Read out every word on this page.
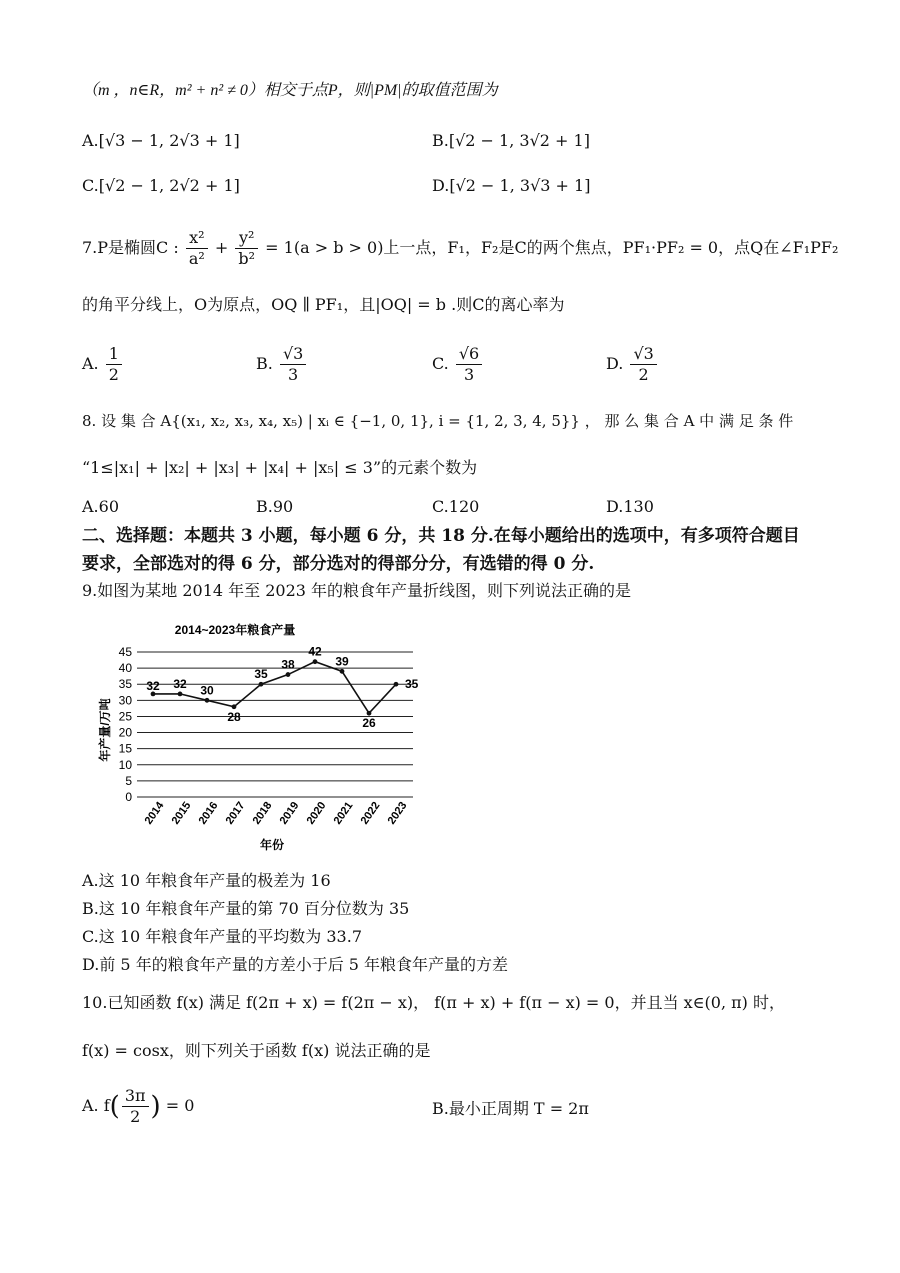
（m ，n∈R，m² + n² ≠ 0）相交于点P，则|PM|的取值范围为
A.[√3 − 1, 2√3 + 1]	B.[√2 − 1, 3√2 + 1]
C.[√2 − 1, 2√2 + 1]	D.[√2 − 1, 3√3 + 1]
7.P是椭圆C : $\frac{\text{x²}}{\text{a²}} + \frac{\text{y²}}{\text{b²}} = 1(a > b > 0)$上一点，F₁，F₂是C的两个焦点，PF₁·PF₂ = 0，点Q在∠F₁PF₂
的角平分线上，O为原点，OQ ∥ PF₁，且|OQ| = b .则C的离心率为
A. $\frac{1}{2}$	B. $\frac{√3}{3}$	C. $\frac{√6}{3}$	D. $\frac{√3}{2}$
8. 设 集 合 A{(x₁, x₂, x₃, x₄, x₅) | xᵢ ∈ {−1, 0, 1}, i = {1, 2, 3, 4, 5}} ， 那 么 集 合 A 中 满 足 条 件
“1≤|x₁| + |x₂| + |x₃| + |x₄| + |x₅| ≤ 3”的元素个数为
A.60	B.90	C.120	D.130
二、选择题：本题共 3 小题，每小题 6 分，共 18 分.在每小题给出的选项中，有多项符合题目
要求，全部选对的得 6 分，部分选对的得部分分，有选错的得 0 分.
9.如图为某地 2014 年至 2023 年的粮食年产量折线图，则下列说法正确的是
2014~2023年粮食产量
年产量/万吨
年份
0
5
10
15
20
25
30
35
40
45
2014 2015 2016 2017 2018 2019 2020 2021 2022 2023
32 32 30
28
35
38
42
39
26
35
A.这 10 年粮食年产量的极差为 16
B.这 10 年粮食年产量的第 70 百分位数为 35
C.这 10 年粮食年产量的平均数为 33.7
D.前 5 年的粮食年产量的方差小于后 5 年粮食年产量的方差
10.已知函数 f(x) 满足 f(2π + x) = f(2π − x)， f(π + x) + f(π − x) = 0，并且当 x∈(0, π) 时，
f(x) = cosx，则下列关于函数 f(x) 说法正确的是
A. $f( \frac{3\pi}{2}$ ) = 0	B.最小正周期 T = 2π
